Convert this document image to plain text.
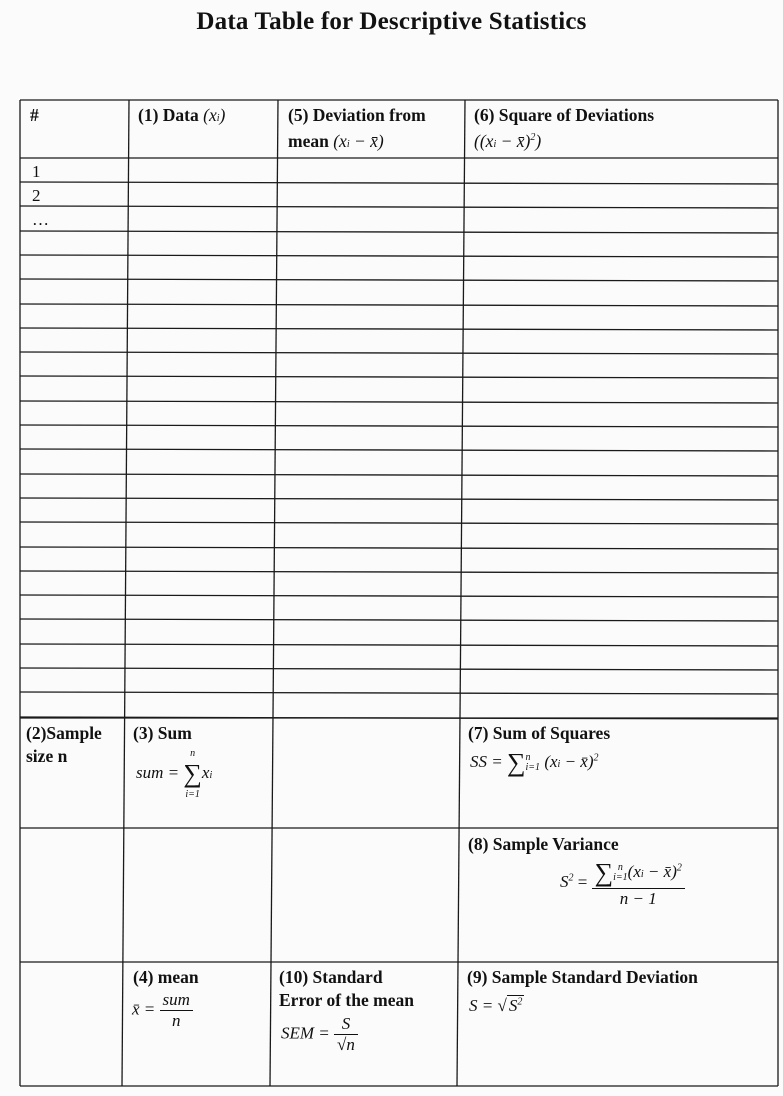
Data Table for Descriptive Statistics
#	(1) Data (xi)	(5) Deviation from
mean (xi − x̄)
(6) Square of Deviations
((xi − x̄)$^2$)
1
2
…
(2)Sample size n
(3) Sum
sum =
n
∑
i=1
xi
(7) Sum of Squares
SS = ∑ n
i=1 (xi − x̄)$^2$
(8) Sample Variance
$S^2$ = ∑ n
i=1 (xi − x̄)$^2$
n − 1
(4) mean
x̄ = $\frac{\text{sum}}{n}$
(10) Standard
Error of the mean
SEM = $\frac{S}{√n}$
(9) Sample Standard Deviation
S = √ $S^2$
